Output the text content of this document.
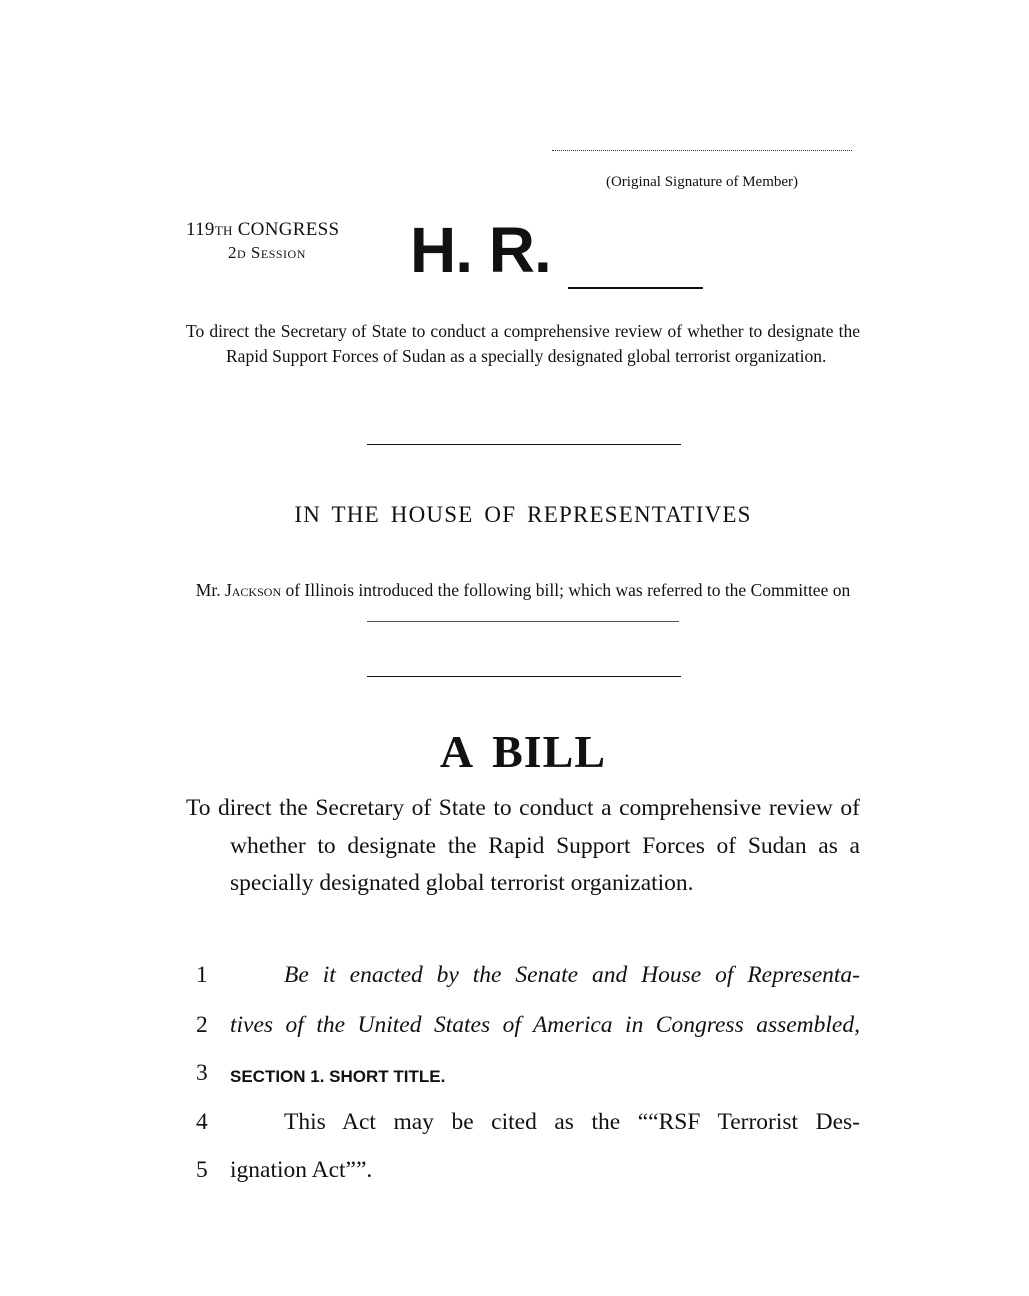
(Original Signature of Member)
119th CONGRESS
2d Session H. R.
To direct the Secretary of State to conduct a comprehensive review of whether to designate the Rapid Support Forces of Sudan as a specially designated global terrorist organization.
IN THE HOUSE OF REPRESENTATIVES
Mr. Jackson of Illinois introduced the following bill; which was referred to the Committee on
A BILL
To direct the Secretary of State to conduct a comprehensive review of whether to designate the Rapid Support Forces of Sudan as a specially designated global terrorist organization.
1	Be it enacted by the Senate and House of Representa-
2 tives of the United States of America in Congress assembled,
3	SECTION 1. SHORT TITLE.
4	This Act may be cited as the ““RSF Terrorist Des-
5 ignation Act””.
